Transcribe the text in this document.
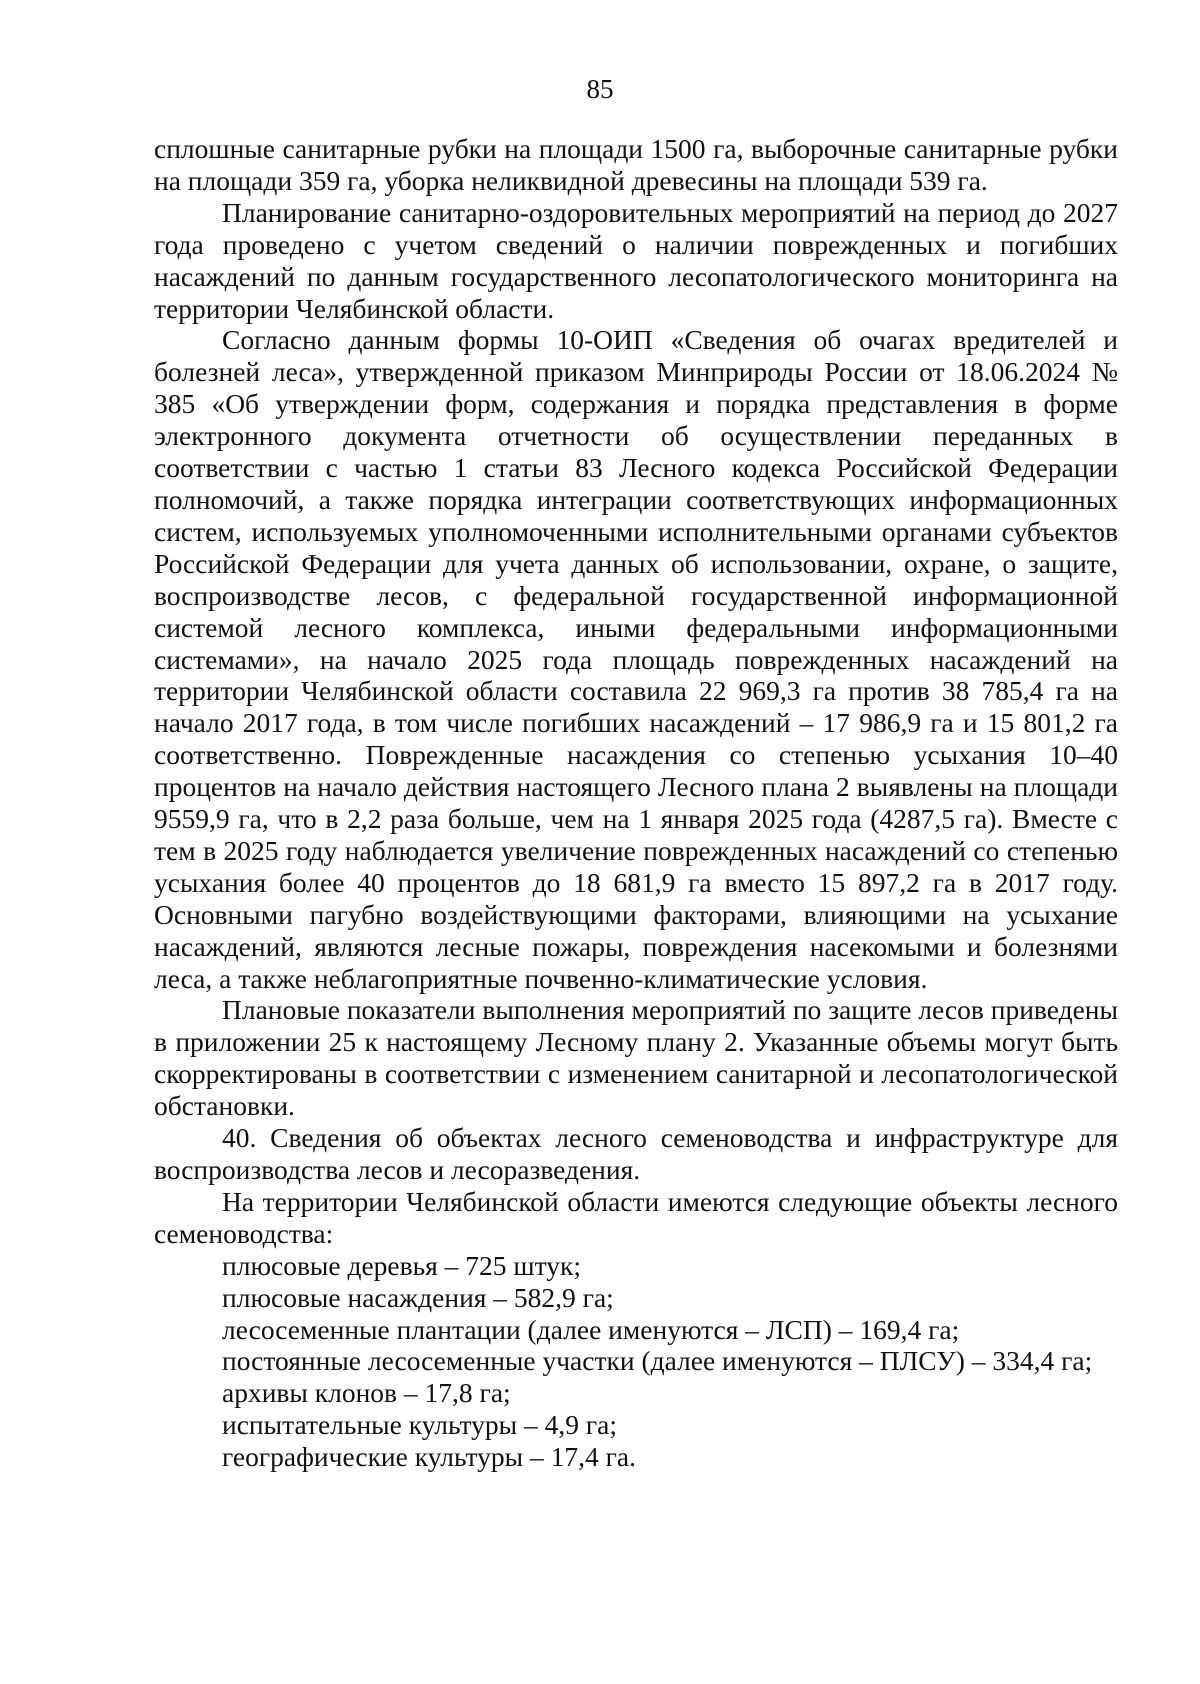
85

сплошные санитарные рубки на площади 1500 га, выборочные санитарные рубки на площади 359 га, уборка неликвидной древесины на площади 539 га.

Планирование санитарно-оздоровительных мероприятий на период до 2027 года проведено с учетом сведений о наличии поврежденных и погибших насаждений по данным государственного лесопатологического мониторинга на территории Челябинской области.

Согласно данным формы 10-ОИП «Сведения об очагах вредителей и болезней леса», утвержденной приказом Минприроды России от 18.06.2024 № 385 «Об утверждении форм, содержания и порядка представления в форме электронного документа отчетности об осуществлении переданных в соответствии с частью 1 статьи 83 Лесного кодекса Российской Федерации полномочий, а также порядка интеграции соответствующих информационных систем, используемых уполномоченными исполнительными органами субъектов Российской Федерации для учета данных об использовании, охране, о защите, воспроизводстве лесов, с федеральной государственной информационной системой лесного комплекса, иными федеральными информационными системами», на начало 2025 года площадь поврежденных насаждений на территории Челябинской области составила 22 969,3 га против 38 785,4 га на начало 2017 года, в том числе погибших насаждений – 17 986,9 га и 15 801,2 га соответственно. Поврежденные насаждения со степенью усыхания 10–40 процентов на начало действия настоящего Лесного плана 2 выявлены на площади 9559,9 га, что в 2,2 раза больше, чем на 1 января 2025 года (4287,5 га). Вместе с тем в 2025 году наблюдается увеличение поврежденных насаждений со степенью усыхания более 40 процентов до 18 681,9 га вместо 15 897,2 га в 2017 году. Основными пагубно воздействующими факторами, влияющими на усыхание насаждений, являются лесные пожары, повреждения насекомыми и болезнями леса, а также неблагоприятные почвенно-климатические условия.

Плановые показатели выполнения мероприятий по защите лесов приведены в приложении 25 к настоящему Лесному плану 2. Указанные объемы могут быть скорректированы в соответствии с изменением санитарной и лесопатологической обстановки.

40. Сведения об объектах лесного семеноводства и инфраструктуре для воспроизводства лесов и лесоразведения.

На территории Челябинской области имеются следующие объекты лесного семеноводства:

плюсовые деревья – 725 штук;
плюсовые насаждения – 582,9 га;
лесосеменные плантации (далее именуются – ЛСП) – 169,4 га;
постоянные лесосеменные участки (далее именуются – ПЛСУ) – 334,4 га;
архивы клонов – 17,8 га;
испытательные культуры – 4,9 га;
географические культуры – 17,4 га.
